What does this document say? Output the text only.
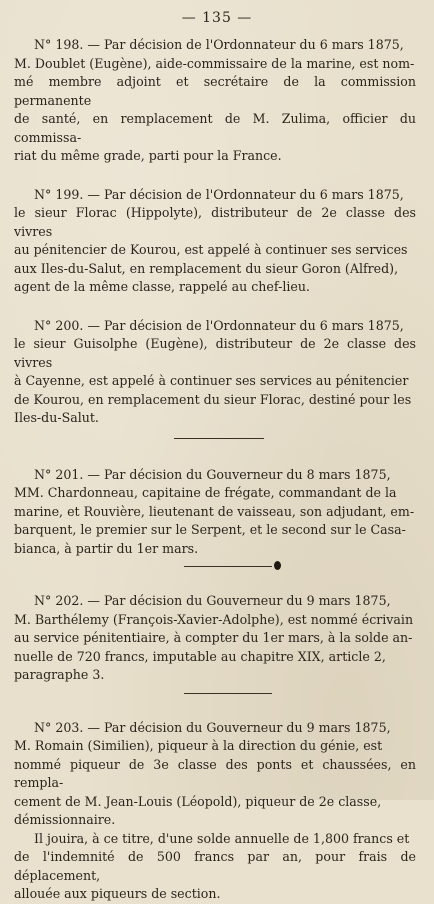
— 135 —

N° 198. — Par décision de l'Ordonnateur du 6 mars 1875,

M. Doublet (Eugène), aide-commissaire de la marine, est nom-

mé membre adjoint et secrétaire de la commission permanente

de santé, en remplacement de M. Zulima, officier du commissa-

riat du même grade, parti pour la France.

N° 199. — Par décision de l'Ordonnateur du 6 mars 1875,

le sieur Florac (Hippolyte), distributeur de 2e classe des vivres

au pénitencier de Kourou, est appelé à continuer ses services

aux Iles-du-Salut, en remplacement du sieur Goron (Alfred),

agent de la même classe, rappelé au chef-lieu.

N° 200. — Par décision de l'Ordonnateur du 6 mars 1875,

le sieur Guisolphe (Eugène), distributeur de 2e classe des vivres

à Cayenne, est appelé à continuer ses services au pénitencier

de Kourou, en remplacement du sieur Florac, destiné pour les

Iles-du-Salut.

N° 201. — Par décision du Gouverneur du 8 mars 1875,

MM. Chardonneau, capitaine de frégate, commandant de la

marine, et Rouvière, lieutenant de vaisseau, son adjudant, em-

barquent, le premier sur le Serpent, et le second sur le Casa-

bianca, à partir du 1er mars.

N° 202. — Par décision du Gouverneur du 9 mars 1875,

M. Barthélemy (François-Xavier-Adolphe), est nommé écrivain

au service pénitentiaire, à compter du 1er mars, à la solde an-

nuelle de 720 francs, imputable au chapitre XIX, article 2,

paragraphe 3.

N° 203. — Par décision du Gouverneur du 9 mars 1875,

M. Romain (Similien), piqueur à la direction du génie, est

nommé piqueur de 3e classe des ponts et chaussées, en rempla-

cement de M. Jean-Louis (Léopold), piqueur de 2e classe,

démissionnaire.

Il jouira, à ce titre, d'une solde annuelle de 1,800 francs et

de l'indemnité de 500 francs par an, pour frais de déplacement,

allouée aux piqueurs de section.
